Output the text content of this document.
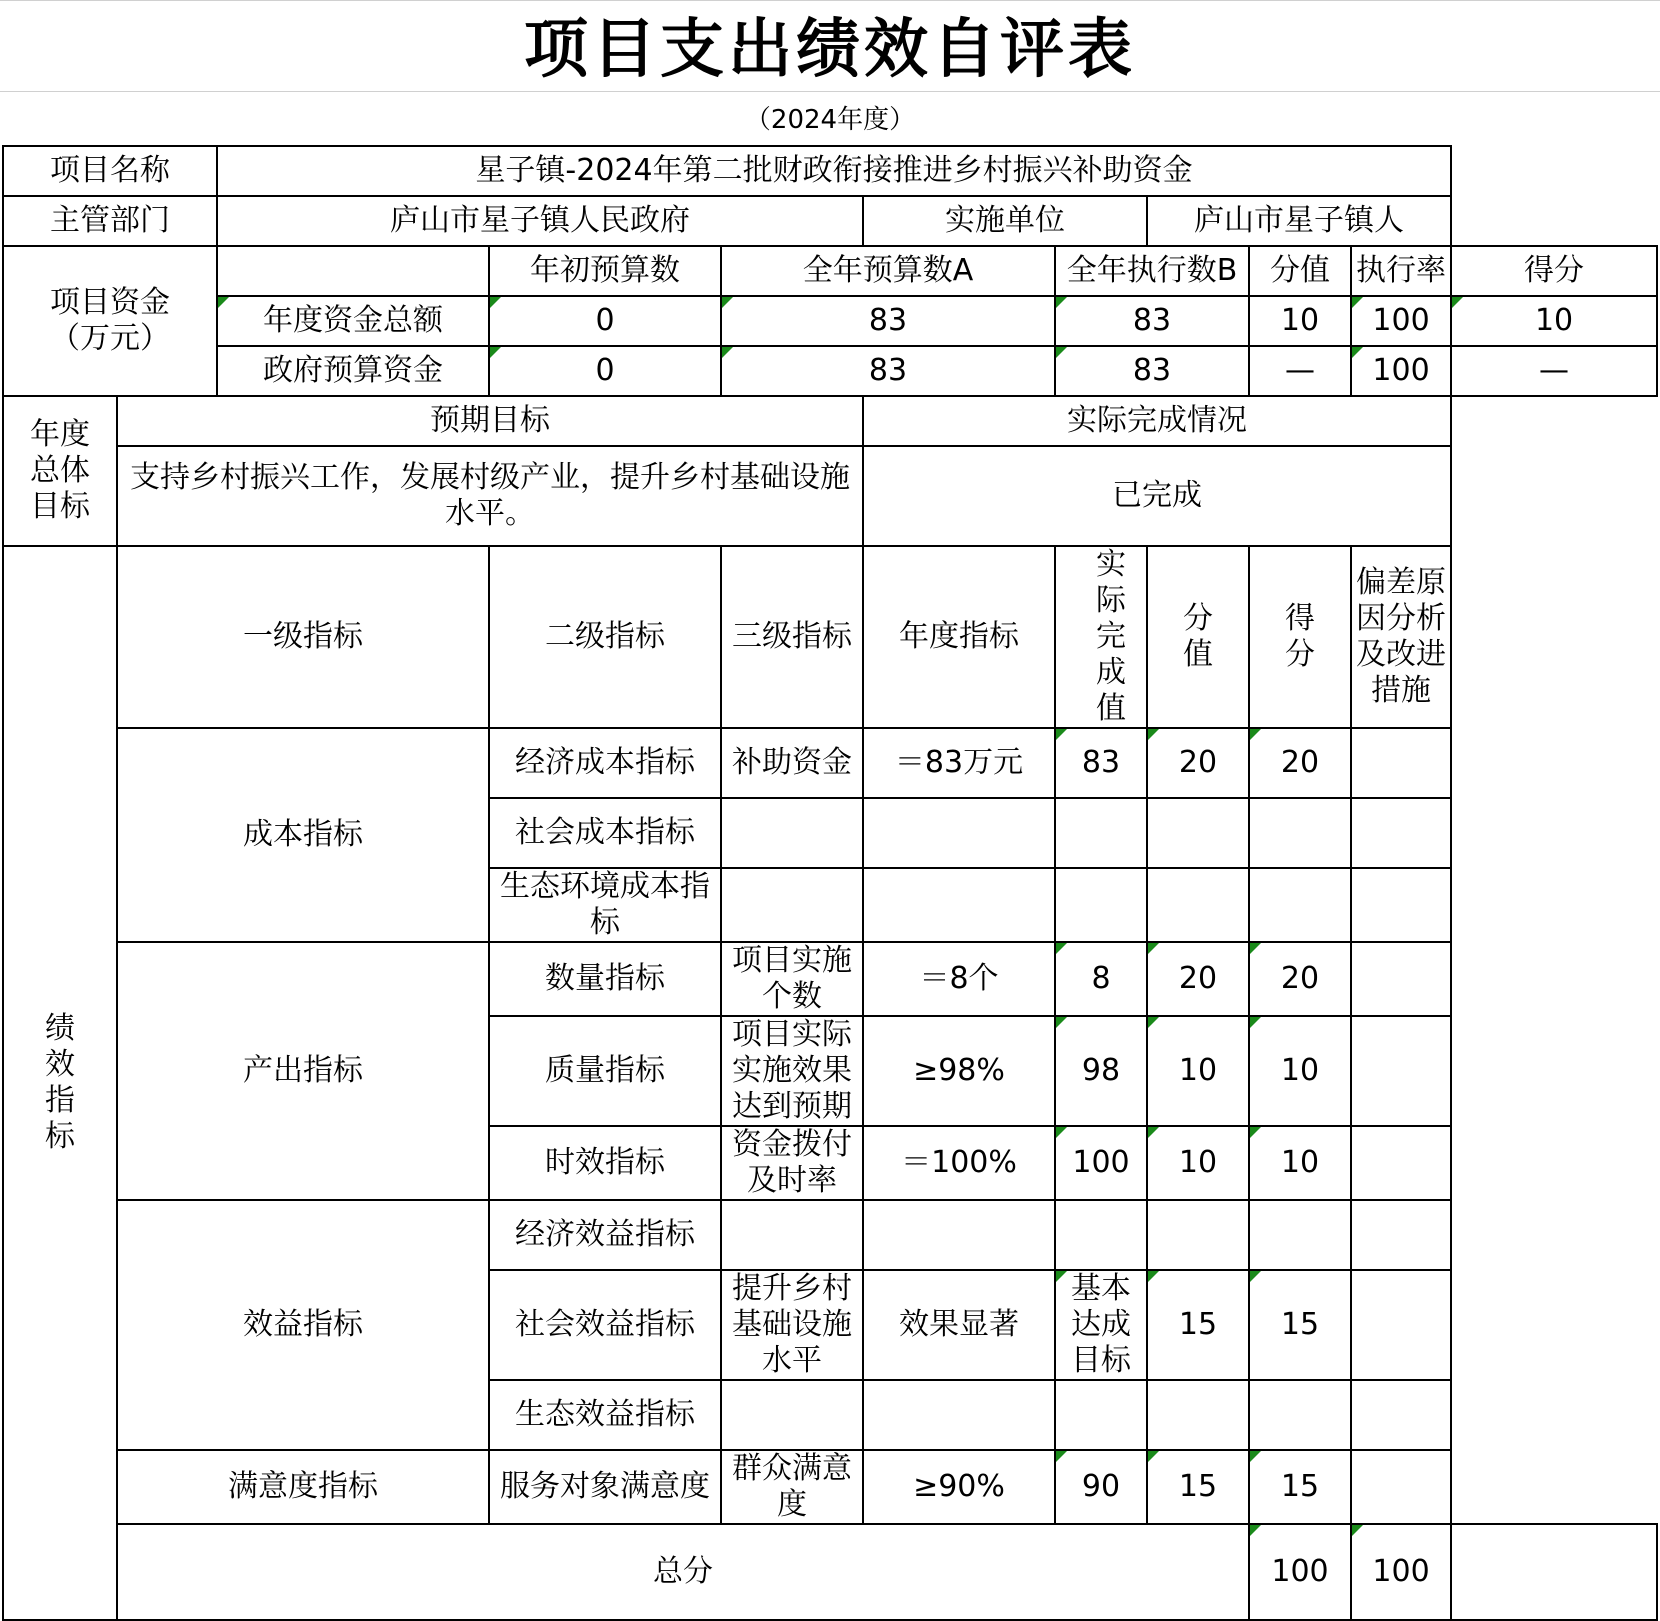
项目支出绩效自评表
（2024年度）
项目名称		星子镇-2024年第二批财政衔接推进乡村振兴补助资金								
主管部门		庐山市星子镇人民政府			实施单位		庐山市星子镇人			
项目资金（万元）			年初预算数	全年预算数A		全年执行数B		分值	执行率	得分

年度资金总额	0	83		83		10	100	10
		政府预算资金	0	83		83		—	100	—
年度总体目标	预期目标				实际完成情况					
	支持乡村振兴工作，发展村级产业，提升乡村基础设施水平。				已完成					
绩效指标	一级指标		二级指标	三级指标	年度指标	实际完成值	分值	得分	偏差原因分析及改进措施	
	成本指标		经济成本指标	补助资金	＝83万元	83	20	20		
			社会成本指标							
			生态环境成本指标							
	产出指标		数量指标	项目实施个数	＝8个	8	20	20		
			质量指标	项目实际实施效果达到预期	≥98%	98	10	10		
			时效指标	资金拨付及时率	＝100%	100	10	10		
	效益指标		经济效益指标							
			社会效益指标	提升乡村基础设施水平	效果显著	基本达成目标	15	15		
			生态效益指标							
	满意度指标		服务对象满意度	群众满意度	≥90%	90	15	15		
	总分							100	100	
